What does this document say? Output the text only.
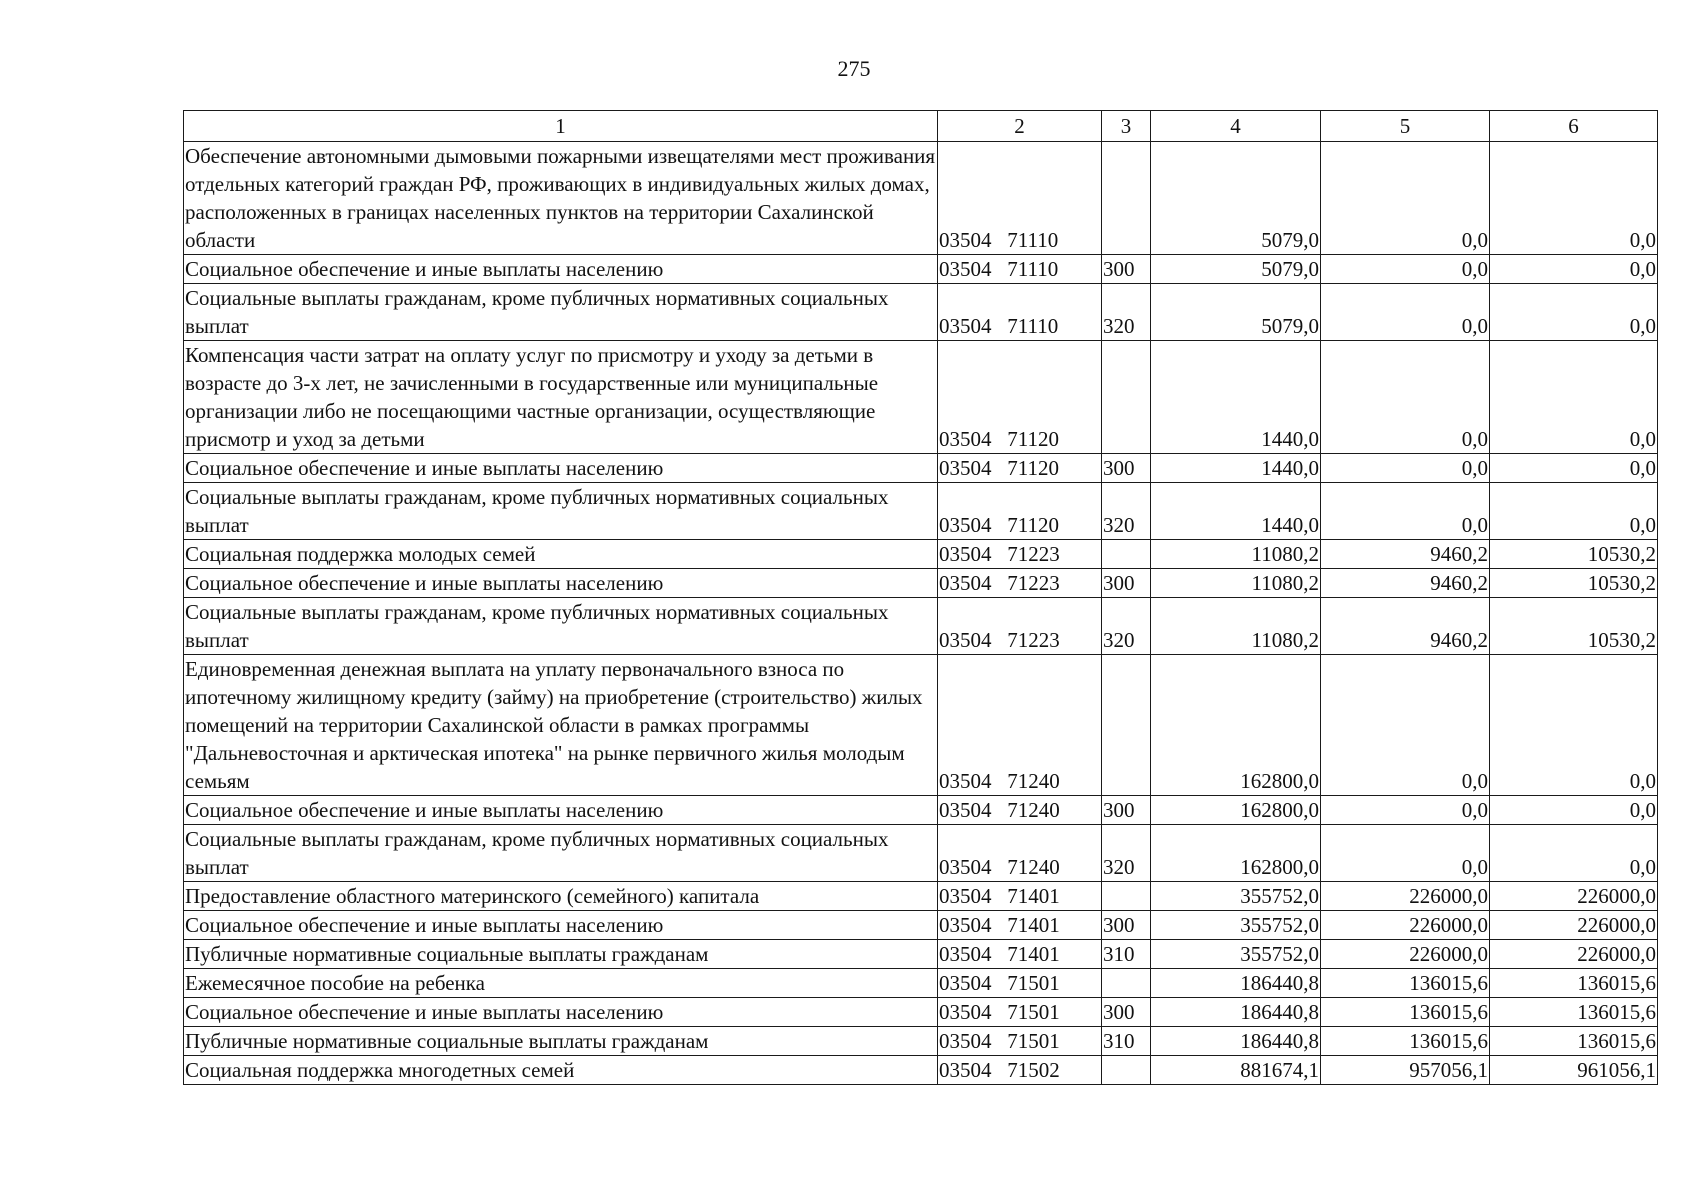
275
1	2	3	4	5	6
Обеспечение автономными дымовыми пожарными извещателями мест проживания отдельных категорий граждан РФ, проживающих в индивидуальных жилых домах, расположенных в границах населенных пунктов на территории Сахалинской области	03504   71110		5079,0	0,0	0,0
Социальное обеспечение и иные выплаты населению	03504   71110	300	5079,0	0,0	0,0
Социальные выплаты гражданам, кроме публичных нормативных социальных выплат	03504   71110	320	5079,0	0,0	0,0
Компенсация части затрат на оплату услуг по присмотру и уходу за детьми в возрасте до 3-х лет, не зачисленными в государственные или муниципальные организации либо не посещающими частные организации, осуществляющие присмотр и уход за детьми	03504   71120		1440,0	0,0	0,0
Социальное обеспечение и иные выплаты населению	03504   71120	300	1440,0	0,0	0,0
Социальные выплаты гражданам, кроме публичных нормативных социальных выплат	03504   71120	320	1440,0	0,0	0,0
Социальная поддержка молодых семей	03504   71223		11080,2	9460,2	10530,2
Социальное обеспечение и иные выплаты населению	03504   71223	300	11080,2	9460,2	10530,2
Социальные выплаты гражданам, кроме публичных нормативных социальных выплат	03504   71223	320	11080,2	9460,2	10530,2
Единовременная денежная выплата на уплату первоначального взноса по ипотечному жилищному кредиту (займу) на приобретение (строительство) жилых помещений на территории Сахалинской области в рамках программы "Дальневосточная и арктическая ипотека" на рынке первичного жилья молодым семьям	03504   71240		162800,0	0,0	0,0
Социальное обеспечение и иные выплаты населению	03504   71240	300	162800,0	0,0	0,0
Социальные выплаты гражданам, кроме публичных нормативных социальных выплат	03504   71240	320	162800,0	0,0	0,0
Предоставление областного материнского (семейного) капитала	03504   71401		355752,0	226000,0	226000,0
Социальное обеспечение и иные выплаты населению	03504   71401	300	355752,0	226000,0	226000,0
Публичные нормативные социальные выплаты гражданам	03504   71401	310	355752,0	226000,0	226000,0
Ежемесячное пособие на ребенка	03504   71501		186440,8	136015,6	136015,6
Социальное обеспечение и иные выплаты населению	03504   71501	300	186440,8	136015,6	136015,6
Публичные нормативные социальные выплаты гражданам	03504   71501	310	186440,8	136015,6	136015,6
Социальная поддержка многодетных семей	03504   71502		881674,1	957056,1	961056,1
